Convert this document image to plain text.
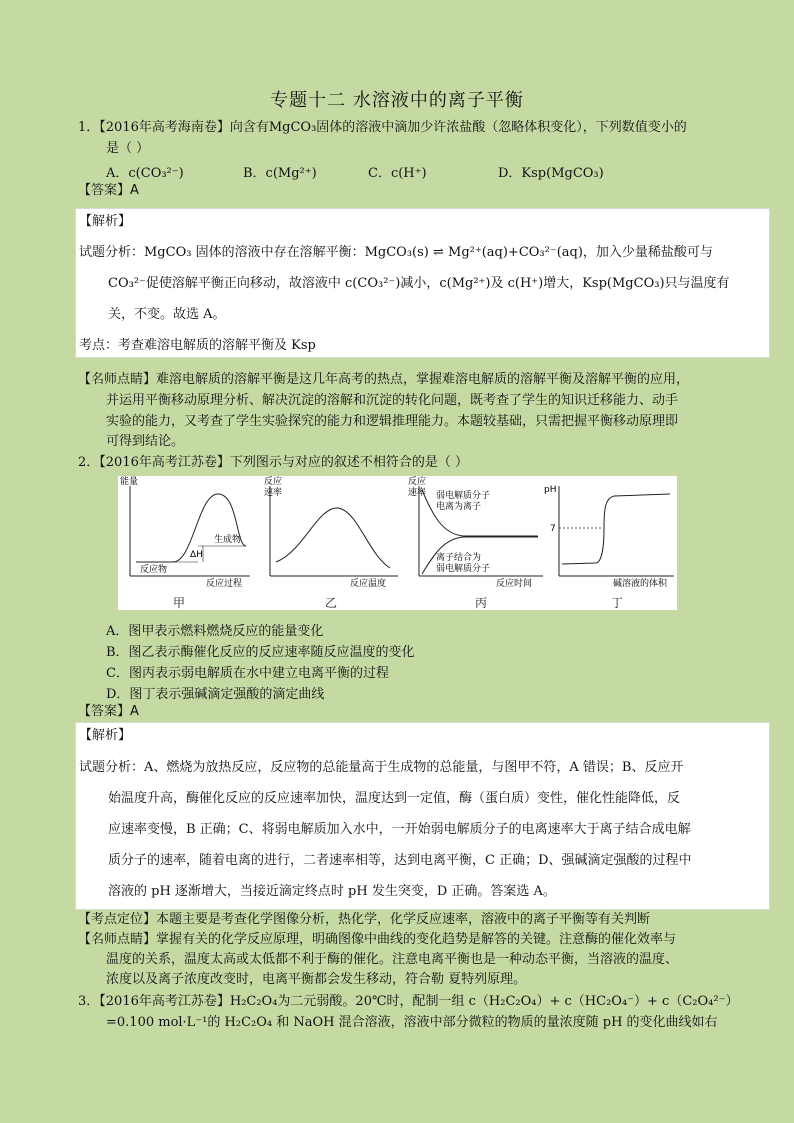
专题十二 水溶液中的离子平衡
1．【2016年高考海南卷】向含有MgCO₃固体的溶液中滴加少许浓盐酸（忽略体积变化），下列数值变小的
是（ ）
A．c(CO₃²⁻)	B．c(Mg²⁺)	C．c(H⁺)	D．Ksp(MgCO₃)
【答案】A
【解析】
试题分析：MgCO₃ 固体的溶液中存在溶解平衡：MgCO₃(s) ⇌ Mg²⁺(aq)+CO₃²⁻(aq)，加入少量稀盐酸可与
CO₃²⁻促使溶解平衡正向移动，故溶液中 c(CO₃²⁻)减小，c(Mg²⁺)及 c(H⁺)增大，Ksp(MgCO₃)只与温度有
关，不变。故选 A。
考点：考查难溶电解质的溶解平衡及 Ksp
【名师点睛】难溶电解质的溶解平衡是这几年高考的热点，掌握难溶电解质的溶解平衡及溶解平衡的应用，
并运用平衡移动原理分析、解决沉淀的溶解和沉淀的转化问题，既考查了学生的知识迁移能力、动手
实验的能力，又考查了学生实验探究的能力和逻辑推理能力。本题较基础，只需把握平衡移动原理即
可得到结论。
2．【2016年高考江苏卷】下列图示与对应的叙述不相符合的是（ ）
能量
反应过程
反应物
生成物
ΔH
反应
速率
反应温度
反应
速率
反应时间
弱电解质分子
电离为离子
离子结合为
弱电解质分子
pH
7
碱溶液的体积
甲	乙	丙	丁
A．图甲表示燃料燃烧反应的能量变化
B．图乙表示酶催化反应的反应速率随反应温度的变化
C．图丙表示弱电解质在水中建立电离平衡的过程
D．图丁表示强碱滴定强酸的滴定曲线
【答案】A
【解析】
试题分析：A、燃烧为放热反应，反应物的总能量高于生成物的总能量，与图甲不符，A 错误；B、反应开
始温度升高，酶催化反应的反应速率加快，温度达到一定值，酶（蛋白质）变性，催化性能降低，反
应速率变慢，B 正确；C、将弱电解质加入水中，一开始弱电解质分子的电离速率大于离子结合成电解
质分子的速率，随着电离的进行，二者速率相等，达到电离平衡，C 正确；D、强碱滴定强酸的过程中
溶液的 pH 逐渐增大，当接近滴定终点时 pH 发生突变，D 正确。答案选 A。
【考点定位】本题主要是考查化学图像分析，热化学，化学反应速率，溶液中的离子平衡等有关判断
【名师点睛】掌握有关的化学反应原理，明确图像中曲线的变化趋势是解答的关键。注意酶的催化效率与
温度的关系，温度太高或太低都不利于酶的催化。注意电离平衡也是一种动态平衡，当溶液的温度、
浓度以及离子浓度改变时，电离平衡都会发生移动，符合勒 夏特列原理。
3．【2016年高考江苏卷】H₂C₂O₄为二元弱酸。20℃时，配制一组 c（H₂C₂O₄）+ c（HC₂O₄⁻）+ c（C₂O₄²⁻）
=0.100 mol·L⁻¹的 H₂C₂O₄ 和 NaOH 混合溶液，溶液中部分微粒的物质的量浓度随 pH 的变化曲线如右
